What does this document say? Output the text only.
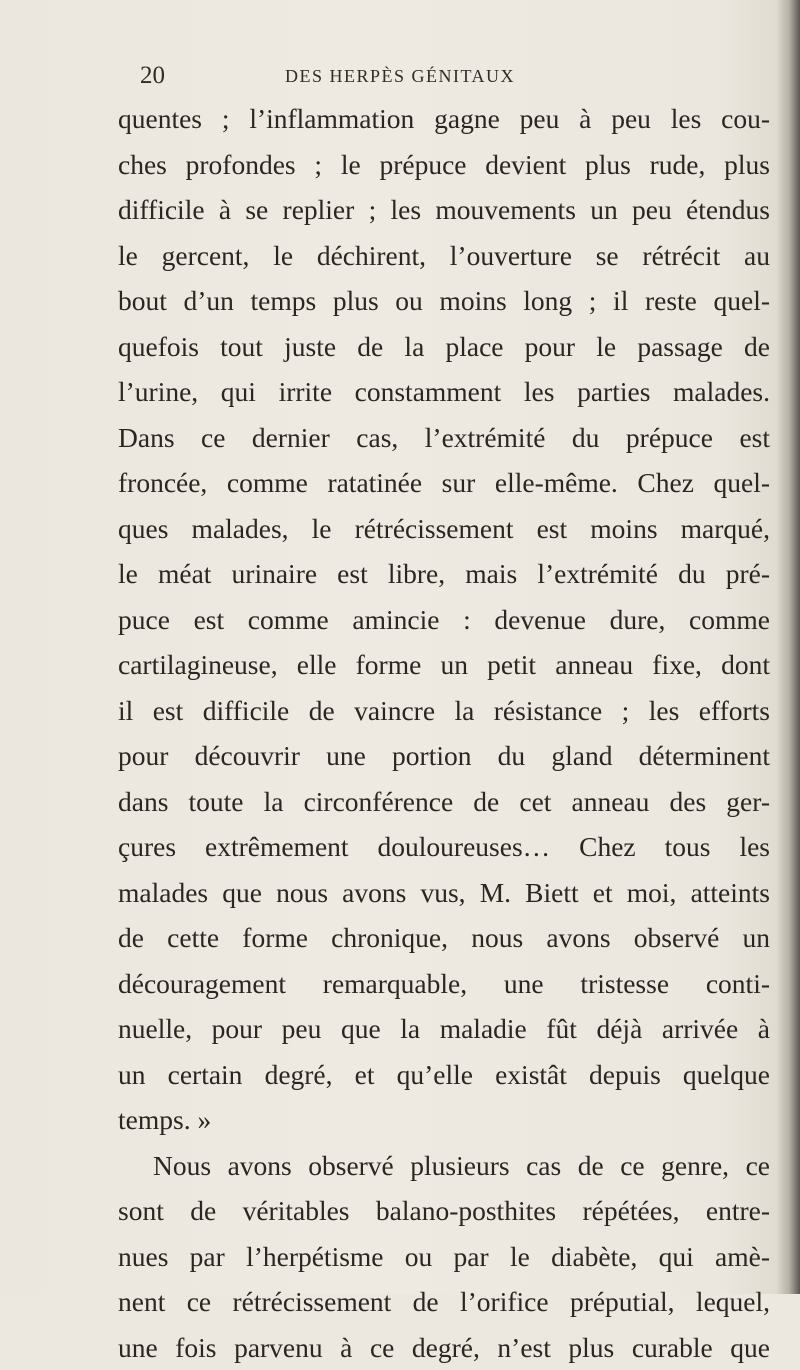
20	DES HERPÈS GÉNITAUX
quentes ; l’inflammation gagne peu à peu les cou-
ches profondes ; le prépuce devient plus rude, plus
difficile à se replier ; les mouvements un peu étendus
le gercent, le déchirent, l’ouverture se rétrécit au
bout d’un temps plus ou moins long ; il reste quel-
quefois tout juste de la place pour le passage de
l’urine, qui irrite constamment les parties malades.
Dans ce dernier cas, l’extrémité du prépuce est
froncée, comme ratatinée sur elle-même. Chez quel-
ques malades, le rétrécissement est moins marqué,
le méat urinaire est libre, mais l’extrémité du pré-
puce est comme amincie : devenue dure, comme
cartilagineuse, elle forme un petit anneau fixe, dont
il est difficile de vaincre la résistance ; les efforts
pour découvrir une portion du gland déterminent
dans toute la circonférence de cet anneau des ger-
çures extrêmement douloureuses… Chez tous les
malades que nous avons vus, M. Biett et moi, atteints
de cette forme chronique, nous avons observé un
découragement remarquable, une tristesse conti-
nuelle, pour peu que la maladie fût déjà arrivée à
un certain degré, et qu’elle existât depuis quelque
temps. »
Nous avons observé plusieurs cas de ce genre, ce
sont de véritables balano-posthites répétées, entre-
nues par l’herpétisme ou par le diabète, qui amè-
nent ce rétrécissement de l’orifice préputial, lequel,
une fois parvenu à ce degré, n’est plus curable que
